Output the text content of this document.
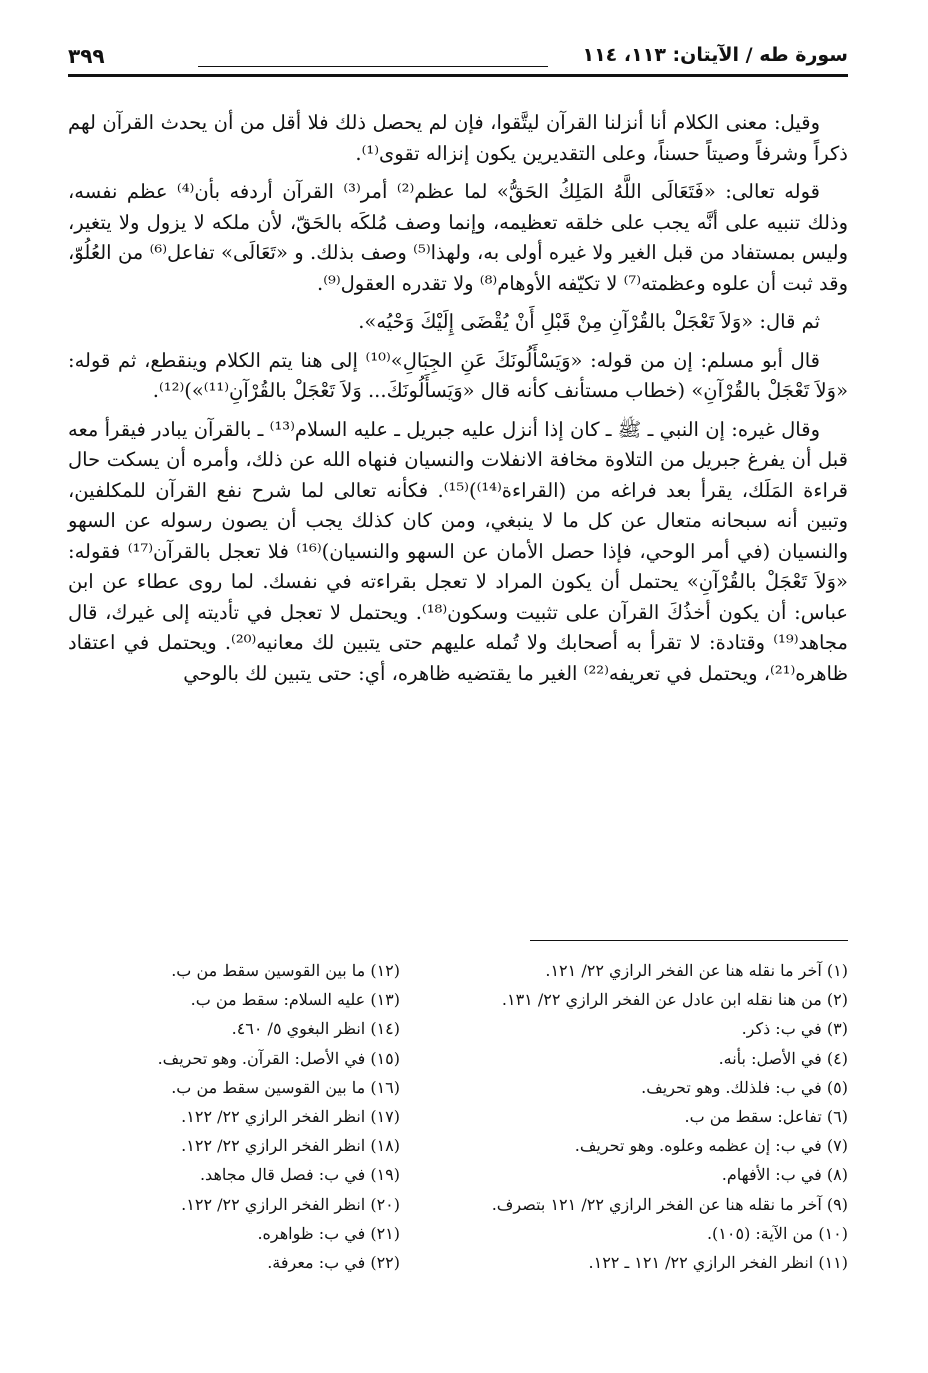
سورة طه / الآيتان: ١١٣، ١١٤
٣٩٩

وقيل: معنى الكلام أنا أنزلنا القرآن ليتَّقوا، فإن لم يحصل ذلك فلا أقل من أن يحدث القرآن لهم ذكراً وشرفاً وصيتاً حسناً، وعلى التقديرين يكون إنزاله تقوى⁽¹⁾.

قوله تعالى: «فَتَعَالَى اللَّهُ المَلِكُ الحَقُّ» لما عظم⁽²⁾ أمر⁽³⁾ القرآن أردفه بأن⁽⁴⁾ عظم نفسه، وذلك تنبيه على أنَّه يجب على خلقه تعظيمه، وإنما وصف مُلكَه بالحَقّ، لأن ملكه لا يزول ولا يتغير، وليس بمستفاد من قبل الغير ولا غيره أولى به، ولهذا⁽⁵⁾ وصف بذلك. و «تَعَالَى» تفاعل⁽⁶⁾ من العُلُوّ، وقد ثبت أن علوه وعظمته⁽⁷⁾ لا تكيّفه الأوهام⁽⁸⁾ ولا تقدره العقول⁽⁹⁾.

ثم قال: «وَلاَ تَعْجَلْ بالقُرْآنِ مِنْ قَبْلِ أَنْ يُقْضَى إِلَيْكَ وَحْيُه».

قال أبو مسلم: إن من قوله: «وَيَسْأَلُونَكَ عَنِ الجِبَالِ»⁽¹⁰⁾ إلى هنا يتم الكلام وينقطع، ثم قوله: «وَلاَ تَعْجَلْ بالقُرْآنِ» (خطاب مستأنف كأنه قال «وَيَسأَلُونَكَ... وَلاَ تَعْجَلْ بالقُرْآنِ⁽¹¹⁾»)⁽¹²⁾.

وقال غيره: إن النبي ـ ﷺ ـ كان إذا أنزل عليه جبريل ـ عليه السلام⁽¹³⁾ ـ بالقرآن يبادر فيقرأ معه قبل أن يفرغ جبريل من التلاوة مخافة الانفلات والنسيان فنهاه الله عن ذلك، وأمره أن يسكت حال قراءة المَلَك، يقرأ بعد فراغه من (القراءة⁽¹⁴⁾)⁽¹⁵⁾. فكأنه تعالى لما شرح نفع القرآن للمكلفين، وتبين أنه سبحانه متعال عن كل ما لا ينبغي، ومن كان كذلك يجب أن يصون رسوله عن السهو والنسيان (في أمر الوحي، فإذا حصل الأمان عن السهو والنسيان)⁽¹⁶⁾ فلا تعجل بالقرآن⁽¹⁷⁾ فقوله: «وَلاَ تَعْجَلْ بالقُرْآنِ» يحتمل أن يكون المراد لا تعجل بقراءته في نفسك. لما روى عطاء عن ابن عباس: أن يكون أخذُكَ القرآن على تثبيت وسكون⁽¹⁸⁾. ويحتمل لا تعجل في تأديته إلى غيرك، قال مجاهد⁽¹⁹⁾ وقتادة: لا تقرأ به أصحابك ولا تُمله عليهم حتى يتبين لك معانيه⁽²⁰⁾. ويحتمل في اعتقاد ظاهره⁽²¹⁾، ويحتمل في تعريفه⁽²²⁾ الغير ما يقتضيه ظاهره، أي: حتى يتبين لك بالوحي

(١) آخر ما نقله هنا عن الفخر الرازي ٢٢/ ١٢١.
(٢) من هنا نقله ابن عادل عن الفخر الرازي ٢٢/ ١٣١.
(٣) في ب: ذكر.
(٤) في الأصل: بأنه.
(٥) في ب: فلذلك. وهو تحريف.
(٦) تفاعل: سقط من ب.
(٧) في ب: إن عظمه وعلوه. وهو تحريف.
(٨) في ب: الأفهام.
(٩) آخر ما نقله هنا عن الفخر الرازي ٢٢/ ١٢١ بتصرف.
(١٠) من الآية: (١٠٥).
(١١) انظر الفخر الرازي ٢٢/ ١٢١ ـ ١٢٢.
(١٢) ما بين القوسين سقط من ب.
(١٣) عليه السلام: سقط من ب.
(١٤) انظر البغوي ٥/ ٤٦٠.
(١٥) في الأصل: القرآن. وهو تحريف.
(١٦) ما بين القوسين سقط من ب.
(١٧) انظر الفخر الرازي ٢٢/ ١٢٢.
(١٨) انظر الفخر الرازي ٢٢/ ١٢٢.
(١٩) في ب: فصل قال مجاهد.
(٢٠) انظر الفخر الرازي ٢٢/ ١٢٢.
(٢١) في ب: ظواهره.
(٢٢) في ب: معرفة.
